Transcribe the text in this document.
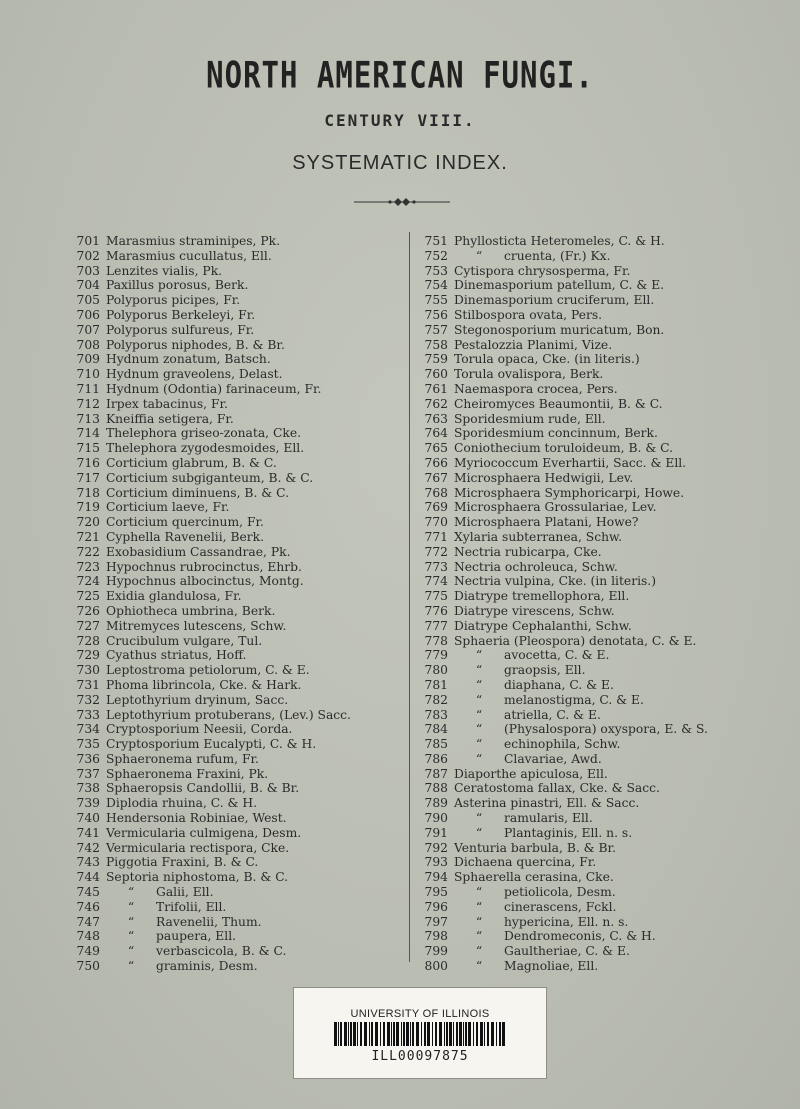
NORTH AMERICAN FUNGI.
CENTURY VIII.
SYSTEMATIC INDEX.
701 Marasmius straminipes, Pk.
702 Marasmius cucullatus, Ell.
703 Lenzites vialis, Pk.
704 Paxillus porosus, Berk.
705 Polyporus picipes, Fr.
706 Polyporus Berkeleyi, Fr.
707 Polyporus sulfureus, Fr.
708 Polyporus niphodes, B. & Br.
709 Hydnum zonatum, Batsch.
710 Hydnum graveolens, Delast.
711 Hydnum (Odontia) farinaceum, Fr.
712 Irpex tabacinus, Fr.
713 Kneiffia setigera, Fr.
714 Thelephora griseo-zonata, Cke.
715 Thelephora zygodesmoides, Ell.
716 Corticium glabrum, B. & C.
717 Corticium subgiganteum, B. & C.
718 Corticium diminuens, B. & C.
719 Corticium laeve, Fr.
720 Corticium quercinum, Fr.
721 Cyphella Ravenelii, Berk.
722 Exobasidium Cassandrae, Pk.
723 Hypochnus rubrocinctus, Ehrb.
724 Hypochnus albocinctus, Montg.
725 Exidia glandulosa, Fr.
726 Ophiotheca umbrina, Berk.
727 Mitremyces lutescens, Schw.
728 Crucibulum vulgare, Tul.
729 Cyathus striatus, Hoff.
730 Leptostroma petiolorum, C. & E.
731 Phoma librincola, Cke. & Hark.
732 Leptothyrium dryinum, Sacc.
733 Leptothyrium protuberans, (Lev.) Sacc.
734 Cryptosporium Neesii, Corda.
735 Cryptosporium Eucalypti, C. & H.
736 Sphaeronema rufum, Fr.
737 Sphaeronema Fraxini, Pk.
738 Sphaeropsis Candollii, B. & Br.
739 Diplodia rhuina, C. & H.
740 Hendersonia Robiniae, West.
741 Vermicularia culmigena, Desm.
742 Vermicularia rectispora, Cke.
743 Piggotia Fraxini, B. & C.
744 Septoria niphostoma, B. & C.
745	“	Galii, Ell.
746	“	Trifolii, Ell.
747	“	Ravenelii, Thum.
748	“	paupera, Ell.
749	“	verbascicola, B. & C.
750	“	graminis, Desm.
751 Phyllosticta Heteromeles, C. & H.
752	“	cruenta, (Fr.) Kx.
753 Cytispora chrysosperma, Fr.
754 Dinemasporium patellum, C. & E.
755 Dinemasporium cruciferum, Ell.
756 Stilbospora ovata, Pers.
757 Stegonosporium muricatum, Bon.
758 Pestalozzia Planimi, Vize.
759 Torula opaca, Cke. (in literis.)
760 Torula ovalispora, Berk.
761 Naemaspora crocea, Pers.
762 Cheiromyces Beaumontii, B. & C.
763 Sporidesmium rude, Ell.
764 Sporidesmium concinnum, Berk.
765 Coniothecium toruloideum, B. & C.
766 Myriococcum Everhartii, Sacc. & Ell.
767 Microsphaera Hedwigii, Lev.
768 Microsphaera Symphoricarpi, Howe.
769 Microsphaera Grossulariae, Lev.
770 Microsphaera Platani, Howe?
771 Xylaria subterranea, Schw.
772 Nectria rubicarpa, Cke.
773 Nectria ochroleuca, Schw.
774 Nectria vulpina, Cke. (in literis.)
775 Diatrype tremellophora, Ell.
776 Diatrype virescens, Schw.
777 Diatrype Cephalanthi, Schw.
778 Sphaeria (Pleospora) denotata, C. & E.
779	“	avocetta, C. & E.
780	“	graopsis, Ell.
781	“	diaphana, C. & E.
782	“	melanostigma, C. & E.
783	“	atriella, C. & E.
784	“	(Physalospora) oxyspora, E. & S.
785	“	echinophila, Schw.
786	“	Clavariae, Awd.
787 Diaporthe apiculosa, Ell.
788 Ceratostoma fallax, Cke. & Sacc.
789 Asterina pinastri, Ell. & Sacc.
790	“	ramularis, Ell.
791	“	Plantaginis, Ell. n. s.
792 Venturia barbula, B. & Br.
793 Dichaena quercina, Fr.
794 Sphaerella cerasina, Cke.
795	“	petiolicola, Desm.
796	“	cinerascens, Fckl.
797	“	hypericina, Ell. n. s.
798	“	Dendromeconis, C. & H.
799	“	Gaultheriae, C. & E.
800	“	Magnoliae, Ell.
UNIVERSITY OF ILLINOIS
ILL00097875
